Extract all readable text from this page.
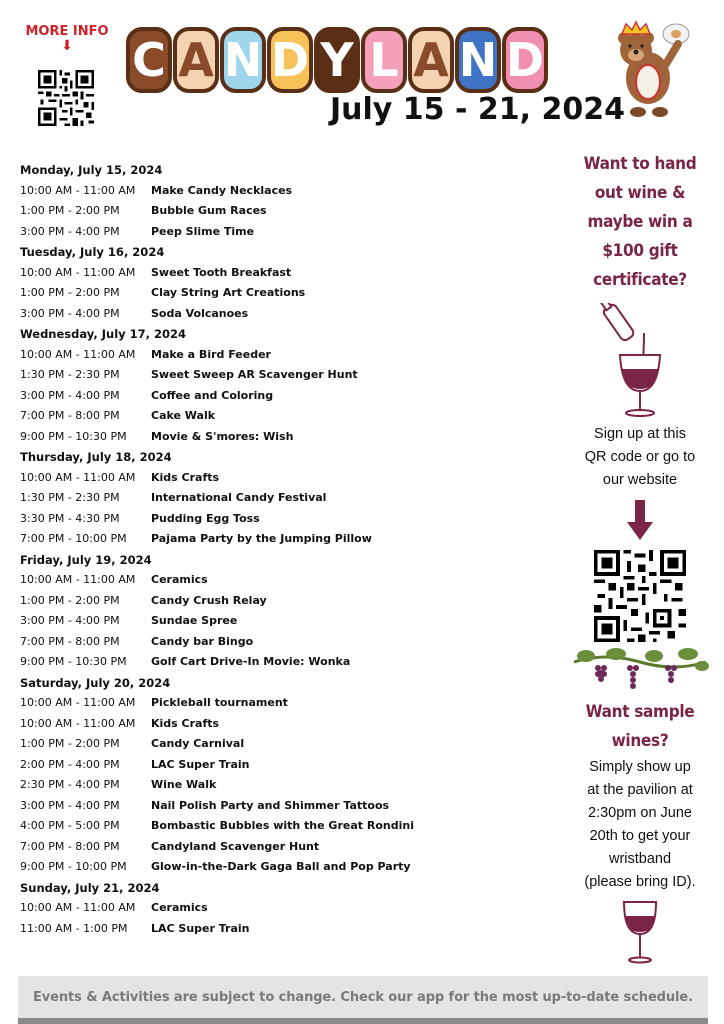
MORE INFO
⬇	C A N D Y L A N D
July 15 - 21, 2024
Monday, July 15, 2024
10:00 AM - 11:00 AM	Make Candy Necklaces
1:00 PM - 2:00 PM	Bubble Gum Races
3:00 PM - 4:00 PM	Peep Slime Time
Tuesday, July 16, 2024
10:00 AM - 11:00 AM	Sweet Tooth Breakfast
1:00 PM - 2:00 PM	Clay String Art Creations
3:00 PM - 4:00 PM	Soda Volcanoes
Wednesday, July 17, 2024
10:00 AM - 11:00 AM	Make a Bird Feeder
1:30 PM - 2:30 PM	Sweet Sweep AR Scavenger Hunt
3:00 PM - 4:00 PM	Coffee and Coloring
7:00 PM - 8:00 PM	Cake Walk
9:00 PM - 10:30 PM	Movie & S'mores: Wish
Thursday, July 18, 2024
10:00 AM - 11:00 AM	Kids Crafts
1:30 PM - 2:30 PM	International Candy Festival
3:30 PM - 4:30 PM	Pudding Egg Toss
7:00 PM - 10:00 PM	Pajama Party by the Jumping Pillow
Friday, July 19, 2024
10:00 AM - 11:00 AM	Ceramics
1:00 PM - 2:00 PM	Candy Crush Relay
3:00 PM - 4:00 PM	Sundae Spree
7:00 PM - 8:00 PM	Candy bar Bingo
9:00 PM - 10:30 PM	Golf Cart Drive-In Movie: Wonka
Saturday, July 20, 2024
10:00 AM - 11:00 AM	Pickleball tournament
10:00 AM - 11:00 AM	Kids Crafts
1:00 PM - 2:00 PM	Candy Carnival
2:00 PM - 4:00 PM	LAC Super Train
2:30 PM - 4:00 PM	Wine Walk
3:00 PM - 4:00 PM	Nail Polish Party and Shimmer Tattoos
4:00 PM - 5:00 PM	Bombastic Bubbles with the Great Rondini
7:00 PM - 8:00 PM	Candyland Scavenger Hunt
9:00 PM - 10:00 PM	Glow-in-the-Dark Gaga Ball and Pop Party
Sunday, July 21, 2024
10:00 AM - 11:00 AM	Ceramics
11:00 AM - 1:00 PM	LAC Super Train
Want to hand
out wine &
maybe win a
$100 gift
certificate?
Sign up at this
QR code or go to
our website
Want sample
wines?
Simply show up
at the pavilion at
2:30pm on June
20th to get your
wristband
(please bring ID).
Events & Activities are subject to change. Check our app for the most up-to-date schedule.
